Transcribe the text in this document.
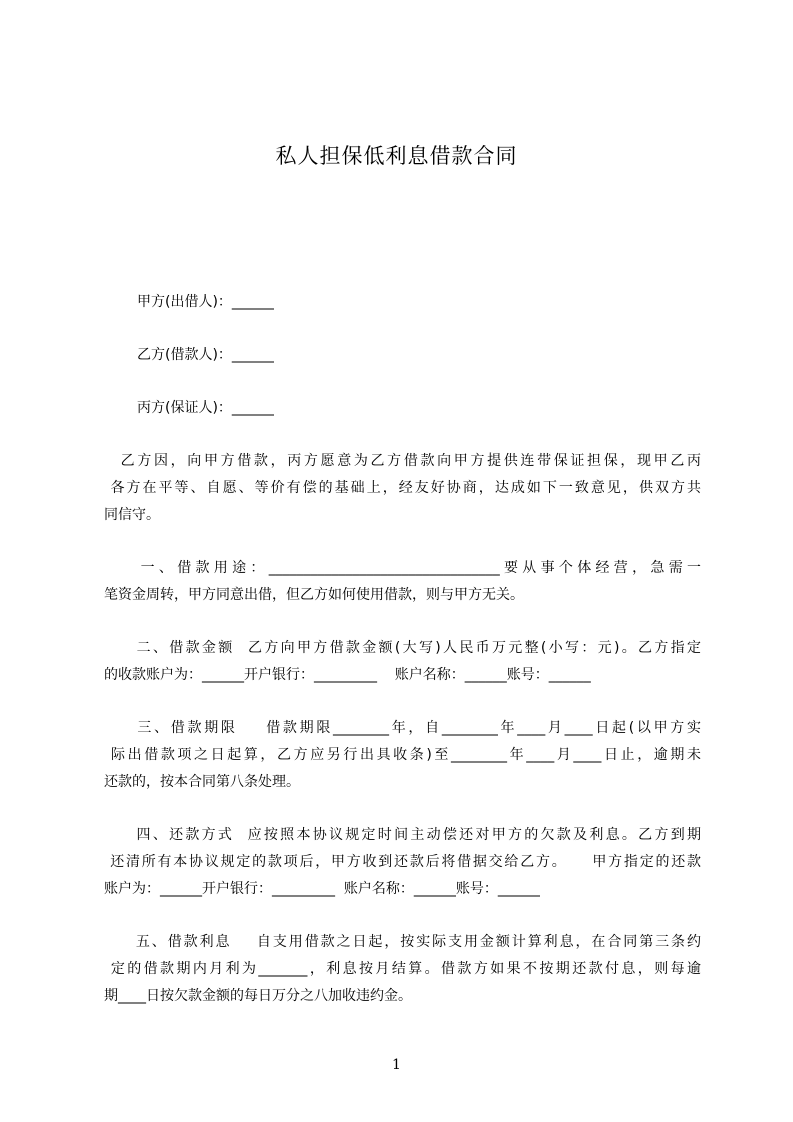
私人担保低利息借款合同
甲方(出借人)：______
乙方(借款人)：______
丙方(保证人)：______
　乙方因，向甲方借款，丙方愿意为乙方借款向甲方提供连带保证担保，现甲乙丙
各方在平等、自愿、等价有偿的基础上，经友好协商，达成如下一致意见，供双方共
同信守。
　　一、借款用途：_________________________________要从事个体经营，急需一
笔资金周转，甲方同意出借，但乙方如何使用借款，则与甲方无关。
　　二、借款金额  乙方向甲方借款金额(大写)人民币万元整(小写：元)。乙方指定
的收款账户为：______开户银行：_________    账户名称：______账号：______
　　三、借款期限    借款期限________年，自________年____月____日起(以甲方实
际出借款项之日起算，乙方应另行出具收条)至________年____月____日止，逾期未
还款的，按本合同第八条处理。
　　四、还款方式  应按照本协议规定时间主动偿还对甲方的欠款及利息。乙方到期
还清所有本协议规定的款项后，甲方收到还款后将借据交给乙方。    甲方指定的还款
账户为：______开户银行：_________  账户名称：______账号：______
　　五、借款利息    自支用借款之日起，按实际支用金额计算利息，在合同第三条约
定的借款期内月利为_______，利息按月结算。借款方如果不按期还款付息，则每逾
期____日按欠款金额的每日万分之八加收违约金。
1
